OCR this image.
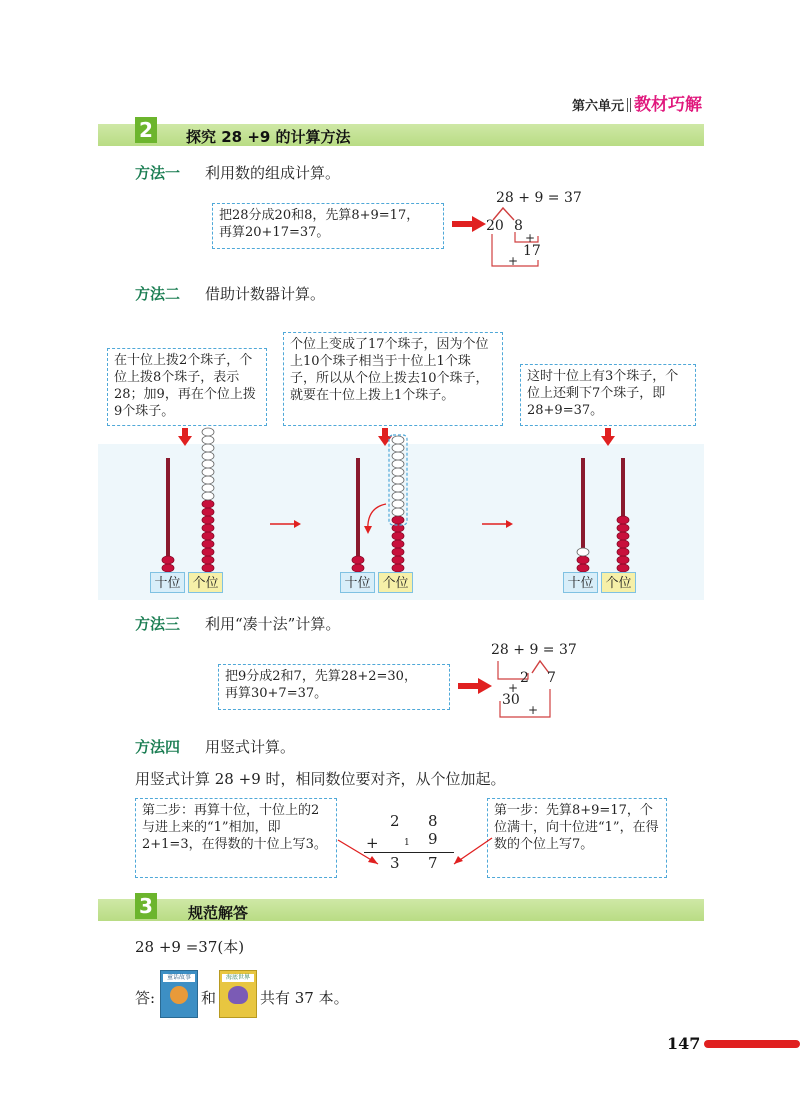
第六单元 教材巧解
2 探究 28 +9 的计算方法
方法一 利用数的组成计算。
把28分成20和8，先算8+9=17，
再算20+17=37。
28 + 9 = 37
20 8
+
17
+
方法二 借助计数器计算。
在十位上拨2个珠子，个位上拨8个珠子，表示28；加9，再在个位上拨9个珠子。
个位上变成了17个珠子，因为个位上10个珠子相当于十位上1个珠子，所以从个位上拨去10个珠子，就要在十位上拨上1个珠子。
这时十位上有3个珠子，个位上还剩下7个珠子，即28+9=37。
十位 个位	十位 个位	十位 个位
方法三 利用“凑十法”计算。
把9分成2和7，先算28+2=30，
再算30+7=37。
28 + 9 = 37
2 7
+
30
+
方法四 用竖式计算。
用竖式计算 28 +9 时，相同数位要对齐，从个位加起。
第二步：再算十位，十位上的2与进上来的“1”相加，即2+1=3，在得数的十位上写3。
第一步：先算8+9=17，个位满十，向十位进“1”，在得数的个位上写7。
2 8
+	1 9
3 7
3 规范解答
28 +9 =37(本)
答:
童话故事
和
海底世界
共有 37 本。
147
